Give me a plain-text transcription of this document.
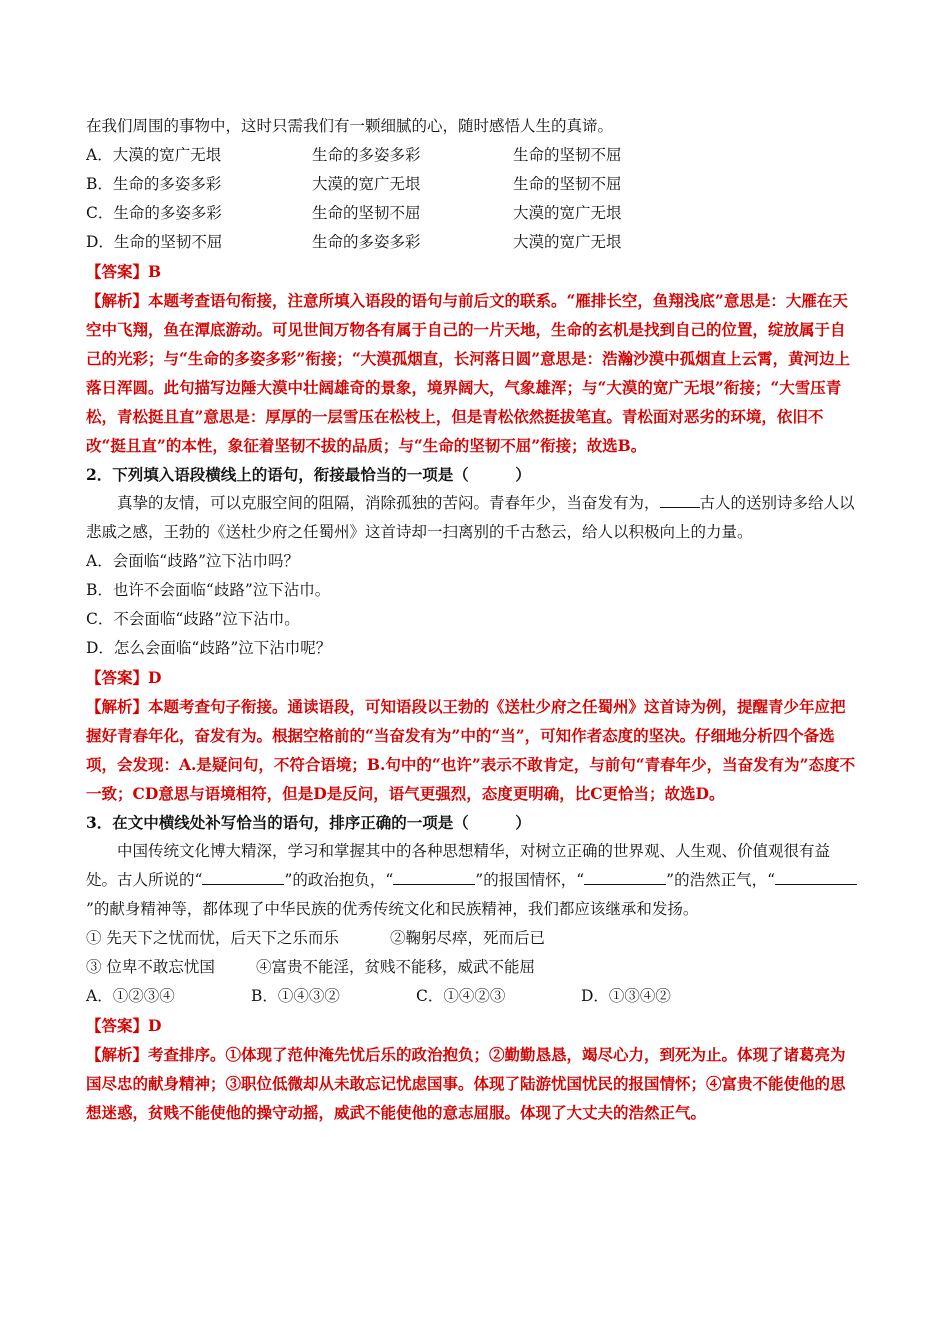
在我们周围的事物中，这时只需我们有一颗细腻的心，随时感悟人生的真谛。

A．大漠的宽广无垠	生命的多姿多彩	生命的坚韧不屈
B．生命的多姿多彩	大漠的宽广无垠	生命的坚韧不屈
C．生命的多姿多彩	生命的坚韧不屈	大漠的宽广无垠
D．生命的坚韧不屈	生命的多姿多彩	大漠的宽广无垠

【答案】B

【解析】本题考查语句衔接，注意所填入语段的语句与前后文的联系。“雁排长空，鱼翔浅底”意思是：大雁在天空中飞翔，鱼在潭底游动。可见世间万物各有属于自己的一片天地，生命的玄机是找到自己的位置，绽放属于自己的光彩；与“生命的多姿多彩”衔接；“大漠孤烟直，长河落日圆”意思是：浩瀚沙漠中孤烟直上云霄，黄河边上落日浑圆。此句描写边陲大漠中壮阔雄奇的景象，境界阔大，气象雄浑；与“大漠的宽广无垠”衔接；“大雪压青松，青松挺且直”意思是：厚厚的一层雪压在松枝上，但是青松依然挺拔笔直。青松面对恶劣的环境，依旧不改“挺且直”的本性，象征着坚韧不拔的品质；与“生命的坚韧不屈”衔接；故选B。

2．下列填入语段横线上的语句，衔接最恰当的一项是（　　　）

真挚的友情，可以克服空间的阻隔，消除孤独的苦闷。青春年少，当奋发有为，	古人的送别诗多给人以悲戚之感，王勃的《送杜少府之任蜀州》这首诗却一扫离别的千古愁云，给人以积极向上的力量。

A．会面临“歧路”泣下沾巾吗？

B．也许不会面临“歧路”泣下沾巾。

C．不会面临“歧路”泣下沾巾。

D．怎么会面临“歧路”泣下沾巾呢？

【答案】D

【解析】本题考查句子衔接。通读语段，可知语段以王勃的《送杜少府之任蜀州》这首诗为例，提醒青少年应把握好青春年化，奋发有为。根据空格前的“当奋发有为”中的“当”，可知作者态度的坚决。仔细地分析四个备选项，会发现：A.是疑问句，不符合语境；B.句中的“也许”表示不敢肯定，与前句“青春年少，当奋发有为”态度不一致；CD意思与语境相符，但是D是反问，语气更强烈，态度更明确，比C更恰当；故选D。

3．在文中横线处补写恰当的语句，排序正确的一项是（　　　）

中国传统文化博大精深，学习和掌握其中的各种思想精华，对树立正确的世界观、人生观、价值观很有益处。古人所说的“	”的政治抱负，“	”的报国情怀，“	”的浩然正气，“”的献身精神等，都体现了中华民族的优秀传统文化和民族精神，我们都应该继承和发扬。

① 先天下之忧而忧，后天下之乐而乐	②鞠躬尽瘁，死而后已
③ 位卑不敢忘忧国	④富贵不能淫，贫贱不能移，威武不能屈
A．①②③④	B．①④③②	C．①④②③	D．①③④②

【答案】D

【解析】考查排序。①体现了范仲淹先忧后乐的政治抱负；②勤勤恳恳，竭尽心力，到死为止。体现了诸葛亮为国尽忠的献身精神；③职位低微却从未敢忘记忧虑国事。体现了陆游忧国忧民的报国情怀；④富贵不能使他的思想迷惑，贫贱不能使他的操守动摇，威武不能使他的意志屈服。体现了大丈夫的浩然正气。
